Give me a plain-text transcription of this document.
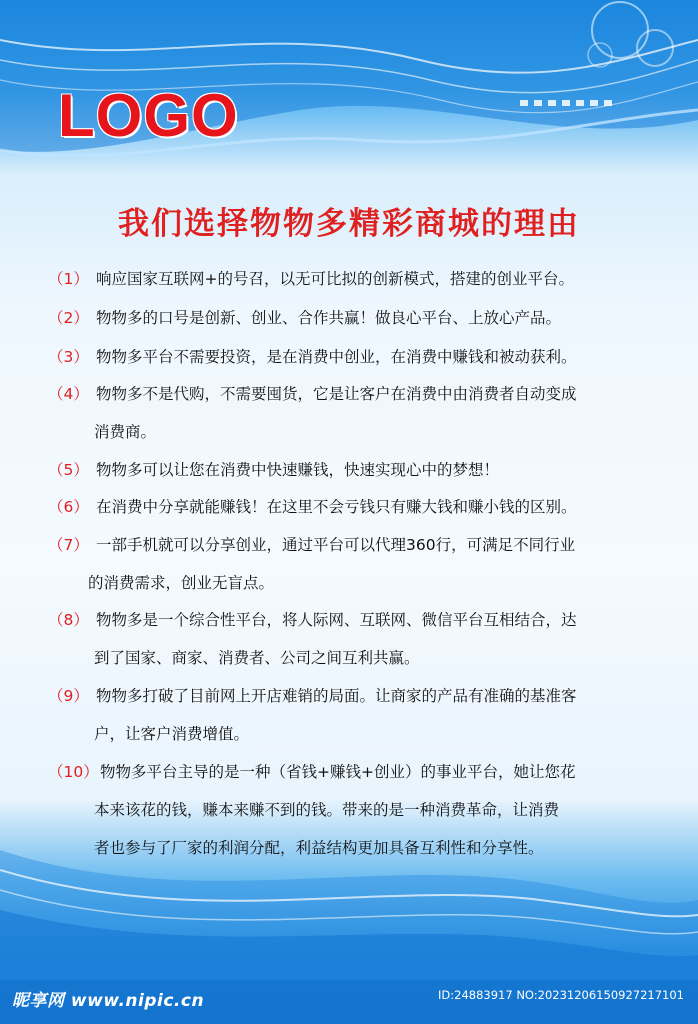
LOGO
我们选择物物多精彩商城的理由
（1） 响应国家互联网+的号召，以无可比拟的创新模式，搭建的创业平台。
（2） 物物多的口号是创新、创业、合作共赢！做良心平台、上放心产品。
（3） 物物多平台不需要投资，是在消费中创业，在消费中赚钱和被动获利。
（4） 物物多不是代购，不需要囤货，它是让客户在消费中由消费者自动变成
消费商。
（5） 物物多可以让您在消费中快速赚钱，快速实现心中的梦想！
（6） 在消费中分享就能赚钱！在这里不会亏钱只有赚大钱和赚小钱的区别。
（7） 一部手机就可以分享创业，通过平台可以代理360行，可满足不同行业
的消费需求，创业无盲点。
（8） 物物多是一个综合性平台，将人际网、互联网、微信平台互相结合，达
到了国家、商家、消费者、公司之间互利共赢。
（9） 物物多打破了目前网上开店难销的局面。让商家的产品有准确的基准客
户，让客户消费增值。
（10）物物多平台主导的是一种（省钱+赚钱+创业）的事业平台，她让您花
本来该花的钱，赚本来赚不到的钱。带来的是一种消费革命，让消费
者也参与了厂家的利润分配，利益结构更加具备互利性和分享性。
昵享网 www.nipic.cn	ID:24883917 NO:20231206150927217101
